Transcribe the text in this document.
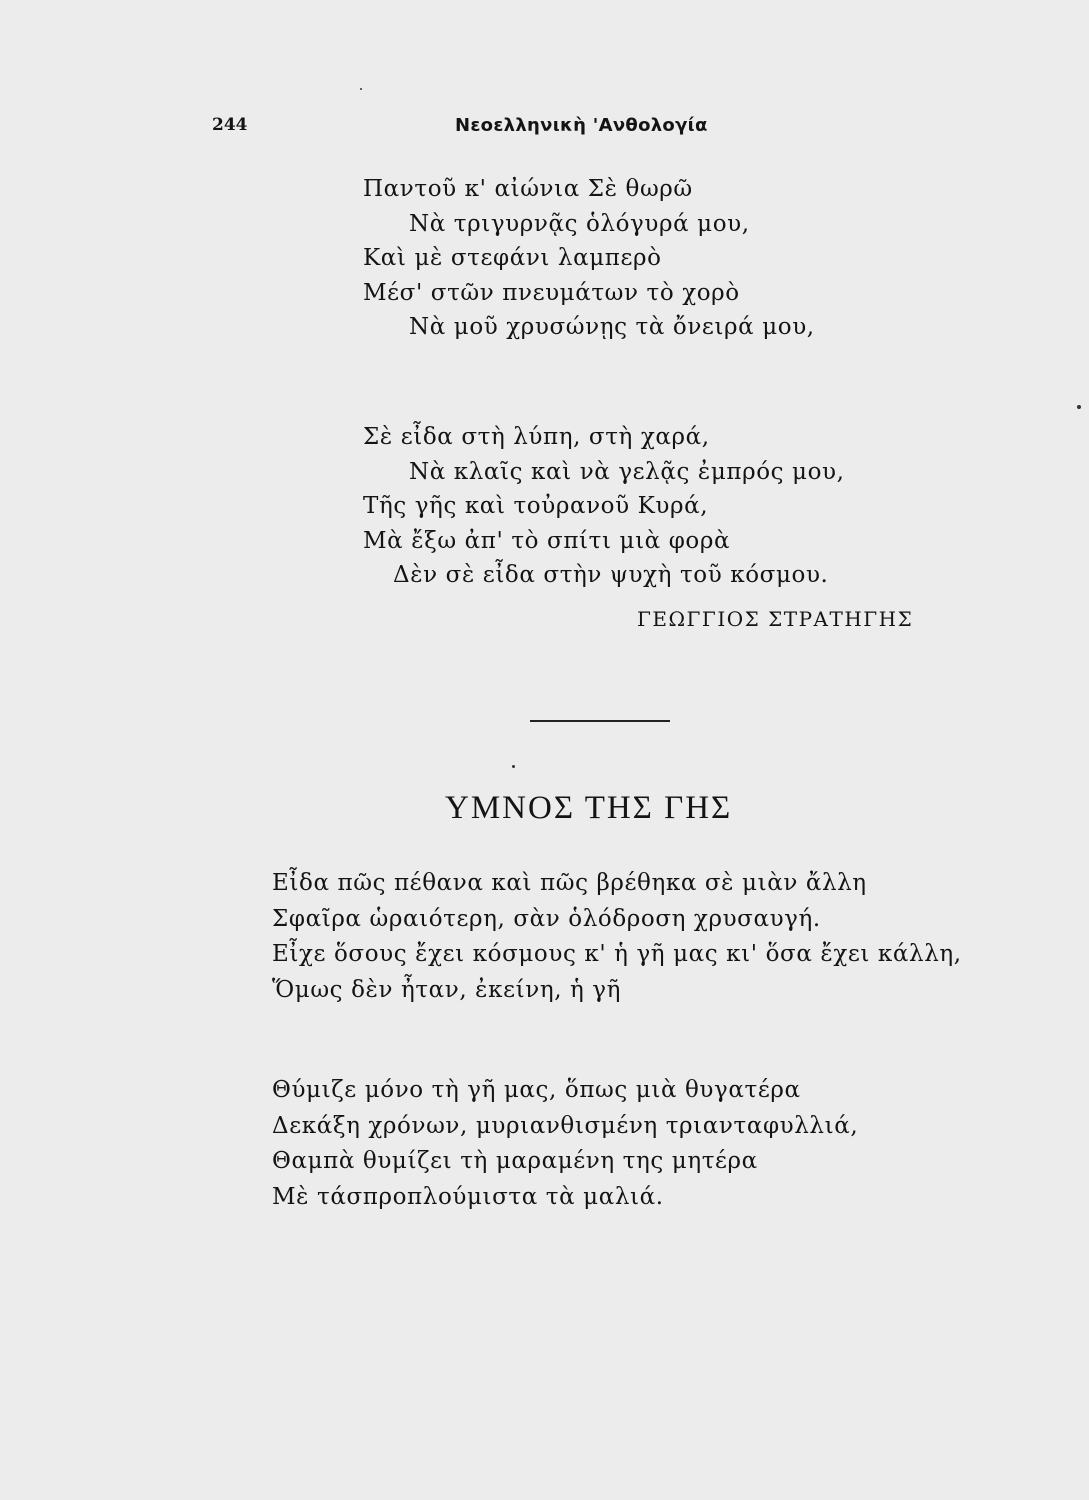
244	Νεοελληνικὴ 'Ανθολογία
Παντοῦ κ' αἰώνια Σὲ θωρῶ
Νὰ τριγυρνᾷς ὁλόγυρά μου,
Καὶ μὲ στεφάνι λαμπερὸ
Μέσ' στῶν πνευμάτων τὸ χορὸ
Νὰ μοῦ χρυσώνῃς τὰ ὄνειρά μου,
Σὲ εἶδα στὴ λύπη, στὴ χαρά,
Νὰ κλαῖς καὶ νὰ γελᾷς ἐμπρός μου,
Τῆς γῆς καὶ τοὐρανοῦ Κυρά,
Μὰ ἔξω ἀπ' τὸ σπίτι μιὰ φορὰ
Δὲν σὲ εἶδα στὴν ψυχὴ τοῦ κόσμου.
ΓΕΩΓΓΙΟΣ ΣΤΡΑΤΗΓΗΣ
ΥΜΝΟΣ ΤΗΣ ΓΗΣ
Εἶδα πῶς πέθανα καὶ πῶς βρέθηκα σὲ μιὰν ἄλλη
Σφαῖρα ὡραιότερη, σὰν ὁλόδροση χρυσαυγή.
Εἶχε ὅσους ἔχει κόσμους κ' ἡ γῆ μας κι' ὅσα ἔχει κάλλη,
Ὅμως δὲν ἦταν, ἐκείνη, ἡ γῆ
Θύμιζε μόνο τὴ γῆ μας, ὅπως μιὰ θυγατέρα
Δεκάξη χρόνων, μυριανθισμένη τριανταφυλλιά,
Θαμπὰ θυμίζει τὴ μαραμένη της μητέρα
Μὲ τάσπροπλούμιστα τὰ μαλιά.
